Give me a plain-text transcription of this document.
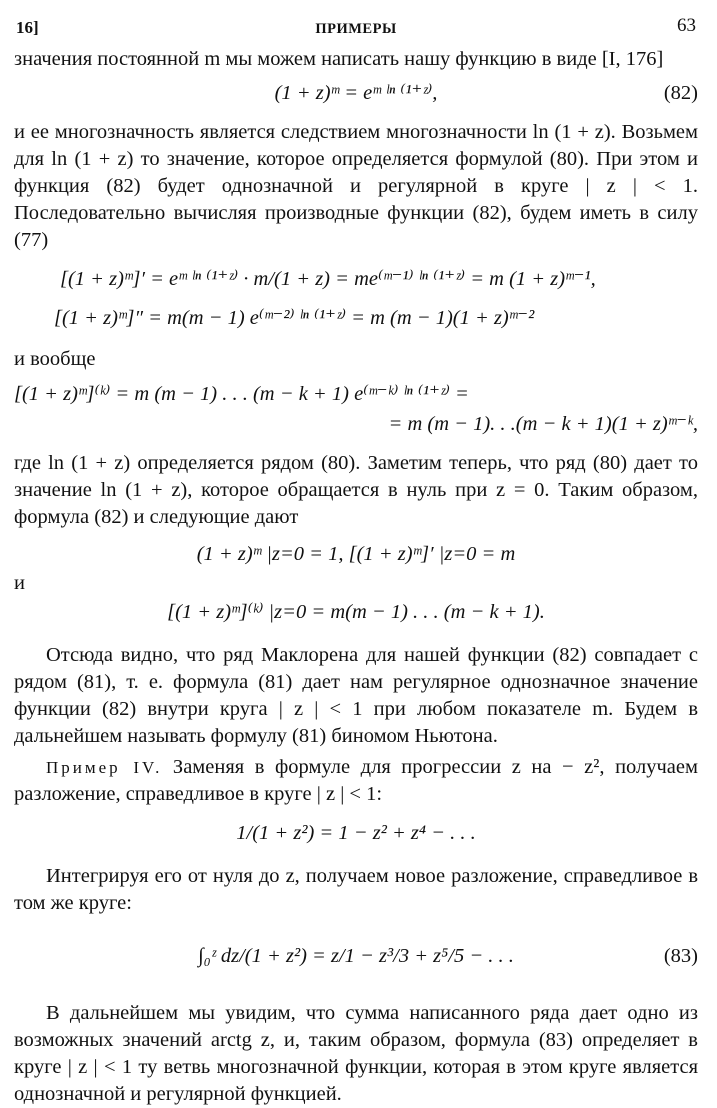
16]	ПРИМЕРЫ	63

значения постоянной m мы можем написать нашу функцию в виде [I, 176]

(1 + z)ᵐ = eᵐ ˡⁿ ⁽¹⁺ᶻ⁾,	(82)

и ее многозначность является следствием многозначности ln (1 + z). Возьмем для ln (1 + z) то значение, которое определяется формулой (80). При этом и функция (82) будет однозначной и регулярной в круге | z | < 1. Последовательно вычисляя производные функции (82), будем иметь в силу (77)

[(1 + z)ᵐ]′ = eᵐ ˡⁿ ⁽¹⁺ᶻ⁾ · m/(1 + z) = me⁽ᵐ⁻¹⁾ ˡⁿ ⁽¹⁺ᶻ⁾ = m (1 + z)ᵐ⁻¹,
[(1 + z)ᵐ]″ = m(m − 1) e⁽ᵐ⁻²⁾ ˡⁿ ⁽¹⁺ᶻ⁾ = m (m − 1)(1 + z)ᵐ⁻²

и вообще

[(1 + z)ᵐ]⁽ᵏ⁾ = m (m − 1) . . . (m − k + 1) e⁽ᵐ⁻ᵏ⁾ ˡⁿ ⁽¹⁺ᶻ⁾ =
= m (m − 1). . .(m − k + 1)(1 + z)ᵐ⁻ᵏ,

где ln (1 + z) определяется рядом (80). Заметим теперь, что ряд (80) дает то значение ln (1 + z), которое обращается в нуль при z = 0. Таким образом, формула (82) и следующие дают

(1 + z)ᵐ |z=0 = 1, [(1 + z)ᵐ]′ |z=0 = m

и

[(1 + z)ᵐ]⁽ᵏ⁾ |z=0 = m(m − 1) . . . (m − k + 1).

Отсюда видно, что ряд Маклорена для нашей функции (82) совпадает с рядом (81), т. е. формула (81) дает нам регулярное однозначное значение функции (82) внутри круга | z | < 1 при любом показателе m. Будем в дальнейшем называть формулу (81) биномом Ньютона.

Пример IV. Заменяя в формуле для прогрессии z на − z², получаем разложение, справедливое в круге | z | < 1:

1/(1 + z²) = 1 − z² + z⁴ − . . .

Интегрируя его от нуля до z, получаем новое разложение, справедливое в том же круге:

∫₀ᶻ dz/(1 + z²) = z/1 − z³/3 + z⁵/5 − . . .	(83)

В дальнейшем мы увидим, что сумма написанного ряда дает одно из возможных значений arctg z, и, таким образом, формула (83) определяет в круге | z | < 1 ту ветвь многозначной функции, которая в этом круге является однозначной и регулярной функцией.
